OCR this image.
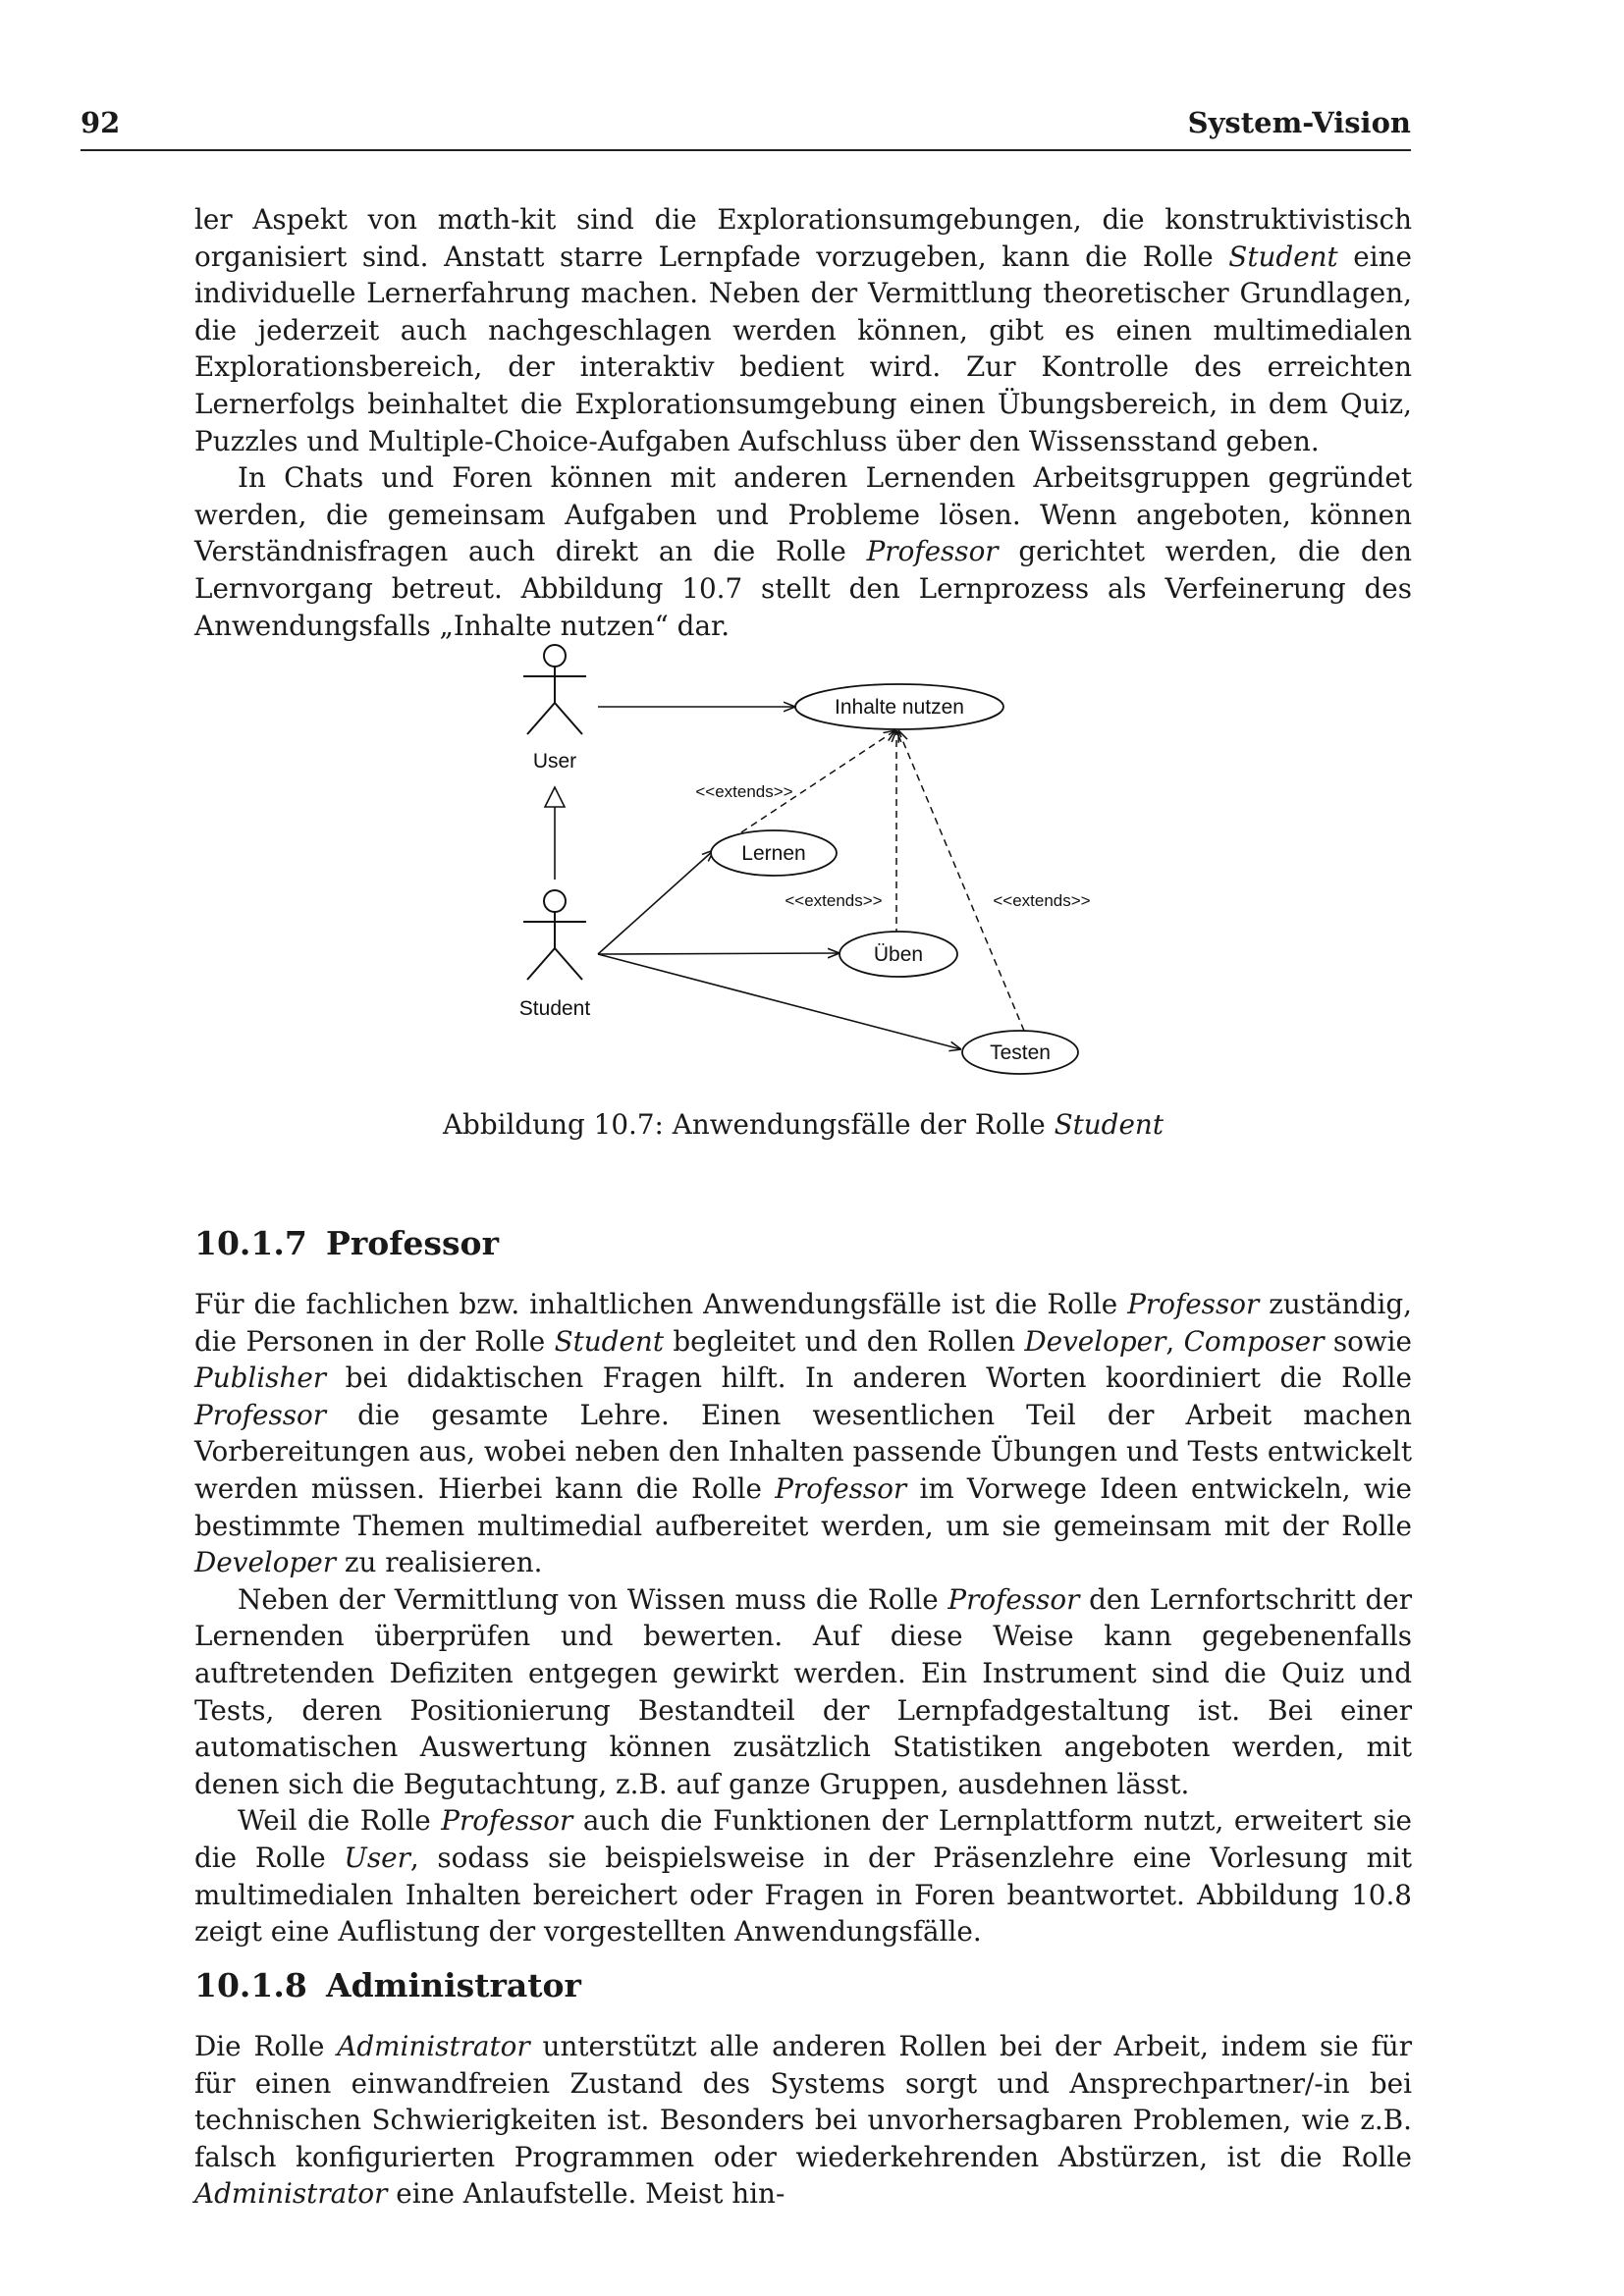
92	System-Vision

ler Aspekt von mαth-kit sind die Explorationsumgebungen, die konstruktivistisch organisiert sind. Anstatt starre Lernpfade vorzugeben, kann die Rolle Student eine individuelle Lernerfahrung machen. Neben der Vermittlung theoretischer Grundlagen, die jederzeit auch nachgeschlagen werden können, gibt es einen multimedialen Explorationsbereich, der interaktiv bedient wird. Zur Kontrolle des erreichten Lernerfolgs beinhaltet die Explorationsumgebung einen Übungsbereich, in dem Quiz, Puzzles und Multiple-Choice-Aufgaben Aufschluss über den Wissensstand geben.

In Chats und Foren können mit anderen Lernenden Arbeitsgruppen gegründet werden, die gemeinsam Aufgaben und Probleme lösen. Wenn angeboten, können Verständnisfragen auch direkt an die Rolle Professor gerichtet werden, die den Lernvorgang betreut. Abbildung 10.7 stellt den Lernprozess als Verfeinerung des Anwendungsfalls „Inhalte nutzen“ dar.

User
Student
Inhalte nutzen
Lernen
Üben
Testen
<<extends>>
<<extends>>	<<extends>>
Abbildung 10.7: Anwendungsfälle der Rolle Student
10.1.7 Professor

Für die fachlichen bzw. inhaltlichen Anwendungsfälle ist die Rolle Professor zuständig, die Personen in der Rolle Student begleitet und den Rollen Developer, Composer sowie Publisher bei didaktischen Fragen hilft. In anderen Worten koordiniert die Rolle Professor die gesamte Lehre. Einen wesentlichen Teil der Arbeit machen Vorbereitungen aus, wobei neben den Inhalten passende Übungen und Tests entwickelt werden müssen. Hierbei kann die Rolle Professor im Vorwege Ideen entwickeln, wie bestimmte Themen multimedial aufbereitet werden, um sie gemeinsam mit der Rolle Developer zu realisieren.

Neben der Vermittlung von Wissen muss die Rolle Professor den Lernfortschritt der Lernenden überprüfen und bewerten. Auf diese Weise kann gegebenenfalls auftretenden Defiziten entgegen gewirkt werden. Ein Instrument sind die Quiz und Tests, deren Positionierung Bestandteil der Lernpfadgestaltung ist. Bei einer automatischen Auswertung können zusätzlich Statistiken angeboten werden, mit denen sich die Begutachtung, z.B. auf ganze Gruppen, ausdehnen lässt.

Weil die Rolle Professor auch die Funktionen der Lernplattform nutzt, erweitert sie die Rolle User, sodass sie beispielsweise in der Präsenzlehre eine Vorlesung mit multimedialen Inhalten bereichert oder Fragen in Foren beantwortet. Abbildung 10.8 zeigt eine Auflistung der vorgestellten Anwendungsfälle.

10.1.8 Administrator

Die Rolle Administrator unterstützt alle anderen Rollen bei der Arbeit, indem sie für für einen einwandfreien Zustand des Systems sorgt und Ansprechpartner/-in bei technischen Schwierigkeiten ist. Besonders bei unvorhersagbaren Problemen, wie z.B. falsch konfigurierten Programmen oder wiederkehrenden Abstürzen, ist die Rolle Administrator eine Anlaufstelle. Meist hin-
